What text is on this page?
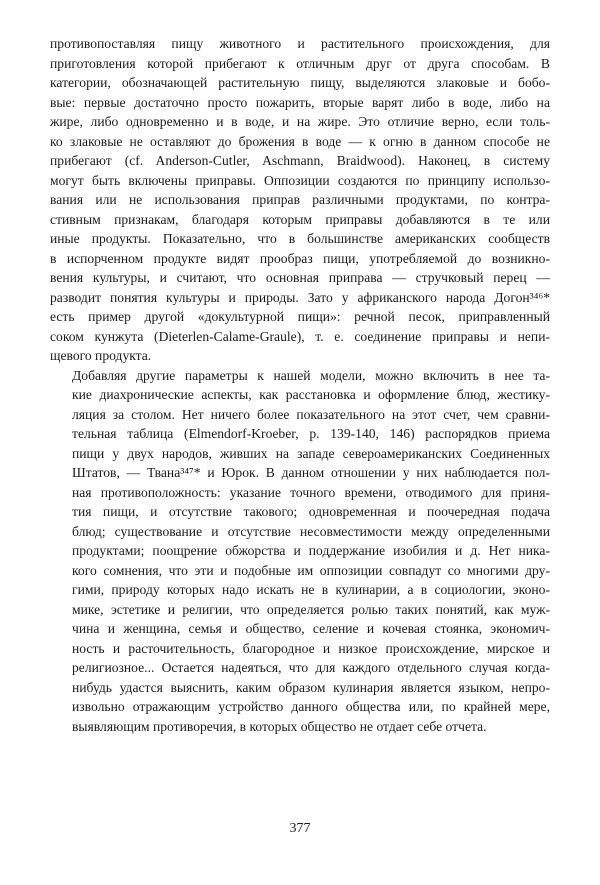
противопоставляя пищу животного и растительного происхождения, для
приготовления которой прибегают к отличным друг от друга способам. В
категории, обозначающей растительную пищу, выделяются злаковые и бобо-
вые: первые достаточно просто пожарить, вторые варят либо в воде, либо на
жире, либо одновременно и в воде, и на жире. Это отличие верно, если толь-
ко злаковые не оставляют до брожения в воде — к огню в данном способе не
прибегают (cf. Anderson-Cutler, Aschmann, Braidwood). Наконец, в систему
могут быть включены приправы. Оппозиции создаются по принципу использо-
вания или не использования приправ различными продуктами, по контра-
стивным признакам, благодаря которым приправы добавляются в те или
иные продукты. Показательно, что в большинстве американских сообществ
в испорченном продукте видят прообраз пищи, употребляемой до возникно-
вения культуры, и считают, что основная приправа — стручковый перец —
разводит понятия культуры и природы. Зато у африканского народа Догон³⁴⁶*
есть пример другой «докультурной пищи»: речной песок, приправленный
соком кунжута (Dieterlen-Calame-Graule), т. е. соединение приправы и непи-
щевого продукта.

Добавляя другие параметры к нашей модели, можно включить в нее та-
кие диахронические аспекты, как расстановка и оформление блюд, жестику-
ляция за столом. Нет ничего более показательного на этот счет, чем сравни-
тельная таблица (Elmendorf-Kroeber, p. 139-140, 146) распорядков приема
пищи у двух народов, живших на западе североамериканских Соединенных
Штатов, — Твана³⁴⁷* и Юрок. В данном отношении у них наблюдается пол-
ная противоположность: указание точного времени, отводимого для приня-
тия пищи, и отсутствие такового; одновременная и поочередная подача
блюд; существование и отсутствие несовместимости между определенными
продуктами; поощрение обжорства и поддержание изобилия и д. Нет ника-
кого сомнения, что эти и подобные им оппозиции совпадут со многими дру-
гими, природу которых надо искать не в кулинарии, а в социологии, эконо-
мике, эстетике и религии, что определяется ролью таких понятий, как муж-
чина и женщина, семья и общество, селение и кочевая стоянка, экономич-
ность и расточительность, благородное и низкое происхождение, мирское и
религиозное... Остается надеяться, что для каждого отдельного случая когда-
нибудь удастся выяснить, каким образом кулинария является языком, непро-
извольно отражающим устройство данного общества или, по крайней мере,
выявляющим противоречия, в которых общество не отдает себе отчета.

377
